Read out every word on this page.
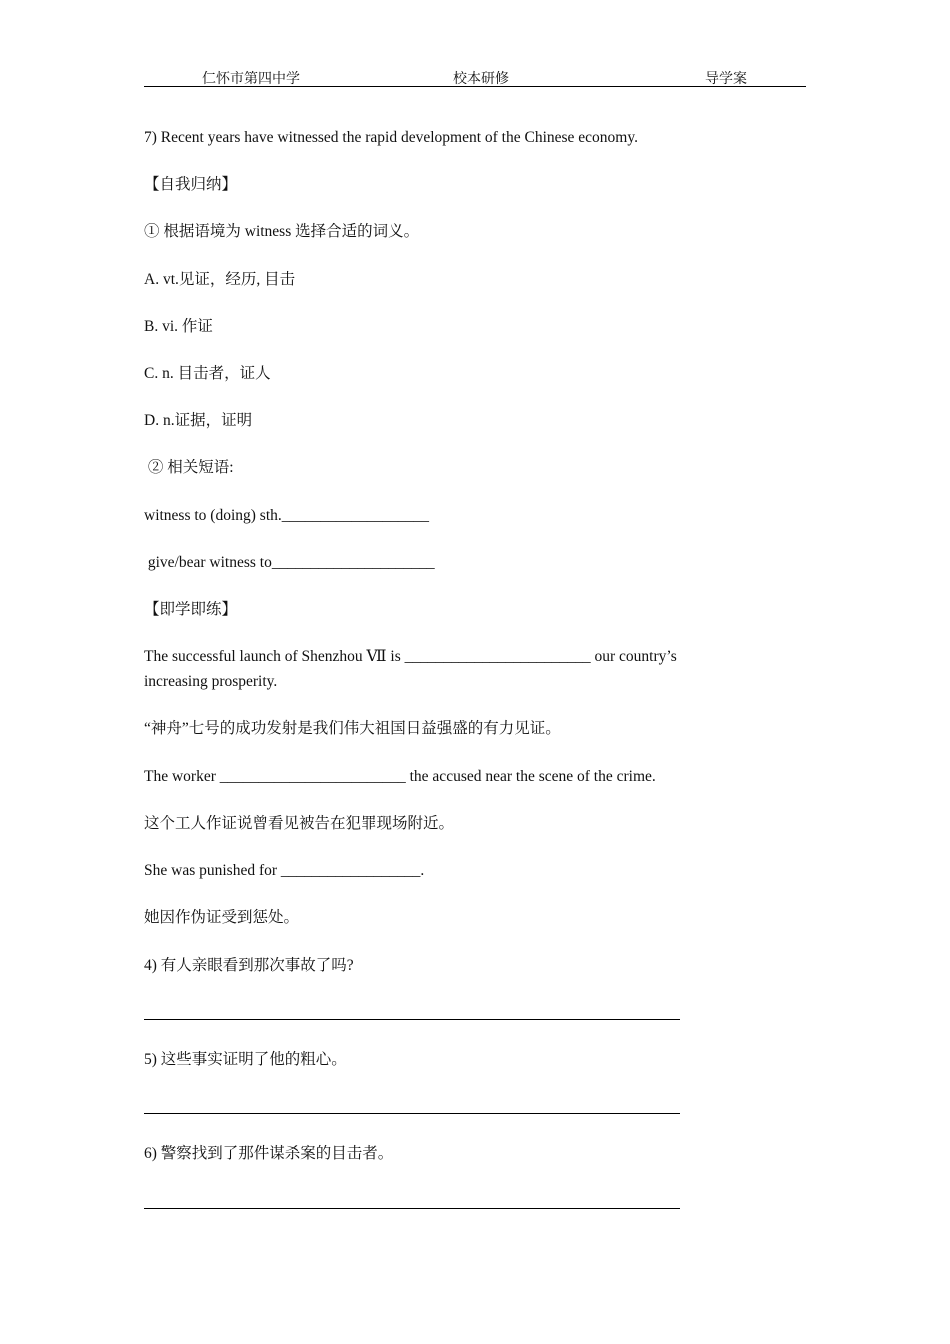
仁怀市第四中学	校本研修	导学案
7) Recent years have witnessed the rapid development of the Chinese economy.
【自我归纳】
① 根据语境为 witness 选择合适的词义。
A. vt.见证，经历, 目击
B. vi. 作证
C. n. 目击者，证人
D. n.证据，证明
② 相关短语:
witness to (doing) sth.___________________
give/bear witness to_____________________
【即学即练】
The successful launch of Shenzhou Ⅶ is ________________________ our country’s increasing prosperity.
“神舟”七号的成功发射是我们伟大祖国日益强盛的有力见证。
The worker ________________________ the accused near the scene of the crime.
这个工人作证说曾看见被告在犯罪现场附近。
She was punished for __________________.
她因作伪证受到惩处。
4) 有人亲眼看到那次事故了吗?
5) 这些事实证明了他的粗心。
6) 警察找到了那件谋杀案的目击者。
